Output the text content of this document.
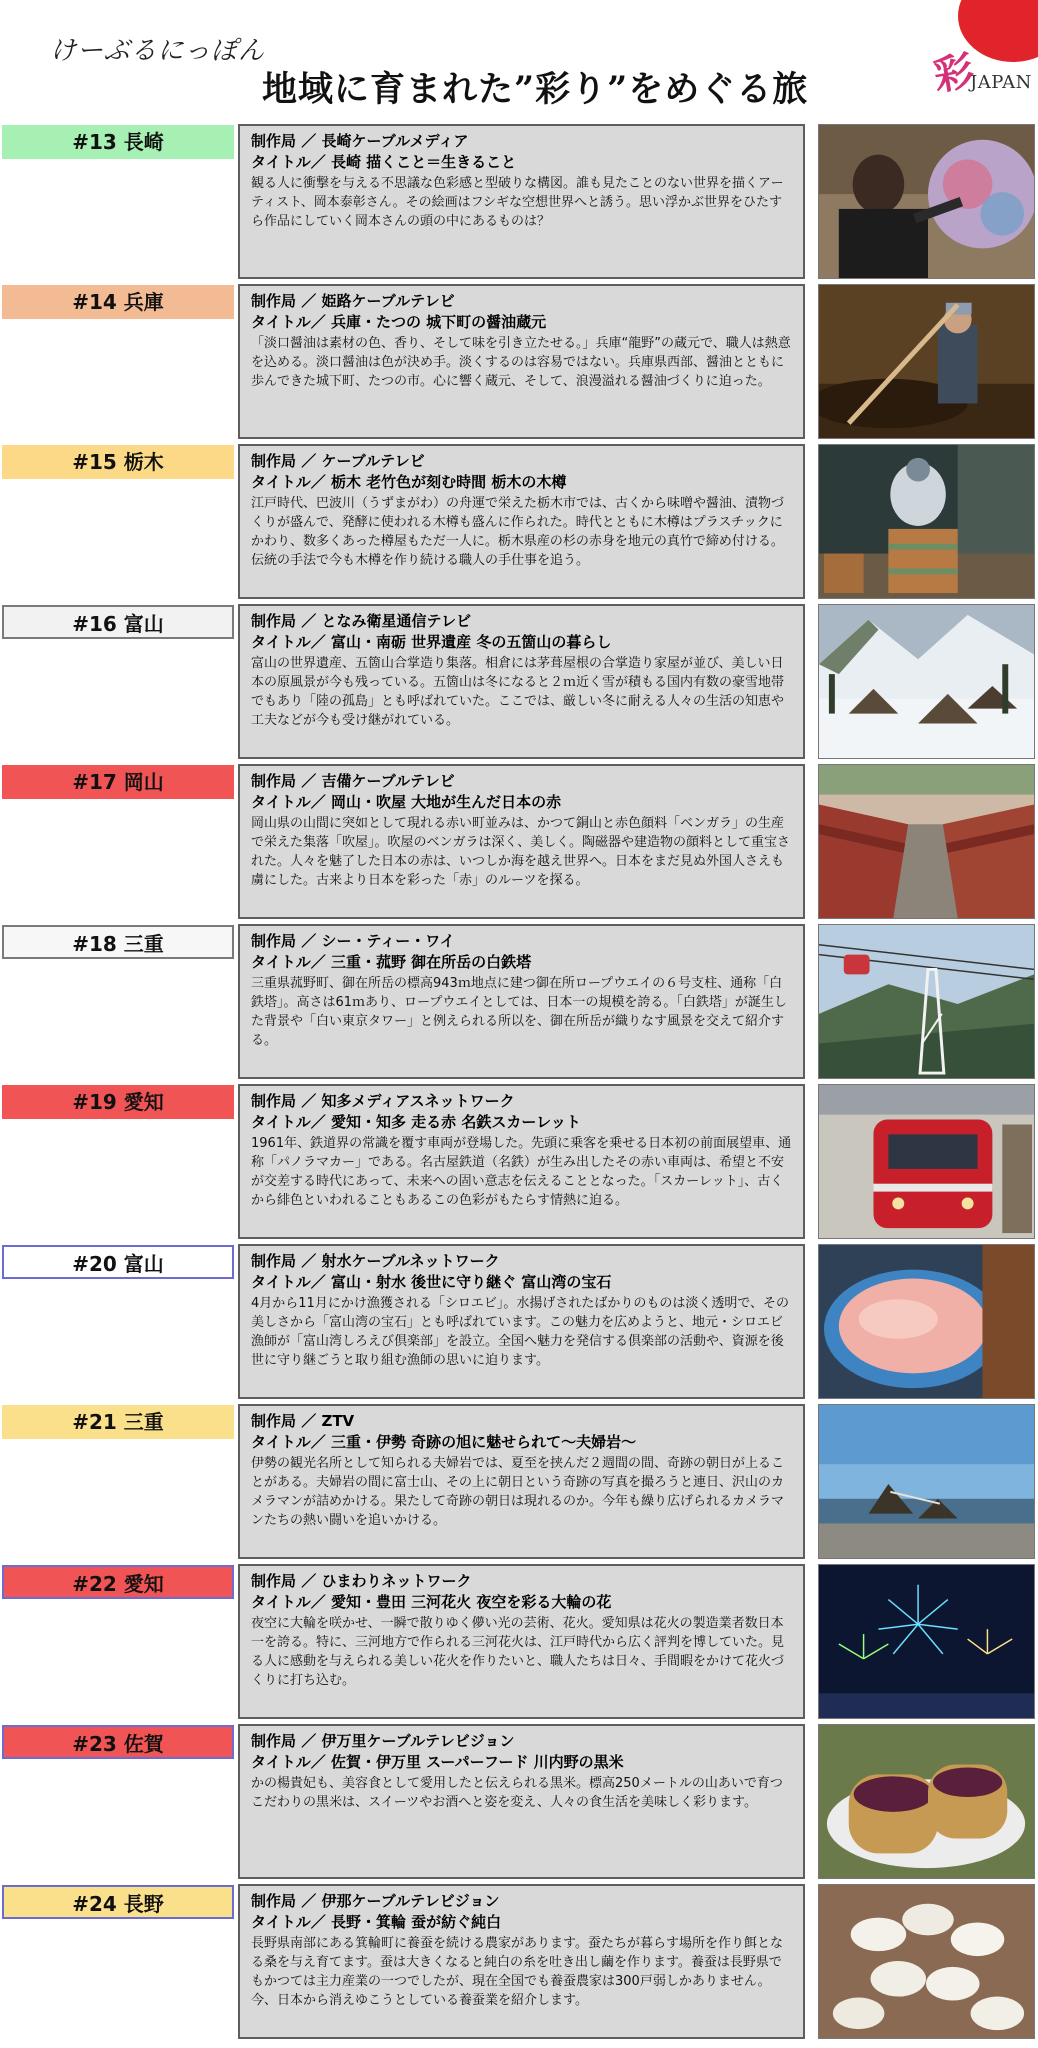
けーぶるにっぽん
地域に育まれた”彩り”をめぐる旅	彩
JAPAN
#13 長崎	制作局 ／ 長崎ケーブルメディア
タイトル／ 長崎 描くこと＝生きること
観る人に衝撃を与える不思議な色彩感と型破りな構図。誰も見たことのない世界を描くアーティスト、岡本泰彰さん。その絵画はフシギな空想世界へと誘う。思い浮かぶ世界をひたすら作品にしていく岡本さんの頭の中にあるものは？
#14 兵庫	制作局 ／ 姫路ケーブルテレビ
タイトル／ 兵庫・たつの 城下町の醤油蔵元
「淡口醤油は素材の色、香り、そして味を引き立たせる。」兵庫“龍野”の蔵元で、職人は熱意を込める。淡口醤油は色が決め手。淡くするのは容易ではない。兵庫県西部、醤油とともに歩んできた城下町、たつの市。心に響く蔵元、そして、浪漫溢れる醤油づくりに迫った。
#15 栃木	制作局 ／ ケーブルテレビ
タイトル／ 栃木 老竹色が刻む時間 栃木の木樽
江戸時代、巴波川（うずまがわ）の舟運で栄えた栃木市では、古くから味噌や醤油、漬物づくりが盛んで、発酵に使われる木樽も盛んに作られた。時代とともに木樽はプラスチックにかわり、数多くあった樽屋もただ一人に。栃木県産の杉の赤身を地元の真竹で締め付ける。伝統の手法で今も木樽を作り続ける職人の手仕事を追う。
#16 富山	制作局 ／ となみ衛星通信テレビ
タイトル／ 富山・南砺 世界遺産 冬の五箇山の暮らし
富山の世界遺産、五箇山合掌造り集落。相倉には茅葺屋根の合掌造り家屋が並び、美しい日本の原風景が今も残っている。五箇山は冬になると２ｍ近く雪が積もる国内有数の豪雪地帯でもあり「陸の孤島」とも呼ばれていた。ここでは、厳しい冬に耐える人々の生活の知恵や工夫などが今も受け継がれている。
#17 岡山	制作局 ／ 吉備ケーブルテレビ
タイトル／ 岡山・吹屋 大地が生んだ日本の赤
岡山県の山間に突如として現れる赤い町並みは、かつて銅山と赤色顔料「ベンガラ」の生産で栄えた集落「吹屋」。吹屋のベンガラは深く、美しく。陶磁器や建造物の顔料として重宝された。人々を魅了した日本の赤は、いつしか海を越え世界へ。日本をまだ見ぬ外国人さえも虜にした。古来より日本を彩った「赤」のルーツを探る。
#18 三重	制作局 ／ シー・ティー・ワイ
タイトル／ 三重・菰野 御在所岳の白鉄塔
三重県菰野町、御在所岳の標高943ｍ地点に建つ御在所ロープウエイの６号支柱、通称「白鉄塔」。高さは61ｍあり、ロープウエイとしては、日本一の規模を誇る。「白鉄塔」が誕生した背景や「白い東京タワー」と例えられる所以を、御在所岳が織りなす風景を交えて紹介する。
#19 愛知	制作局 ／ 知多メディアスネットワーク
タイトル／ 愛知・知多 走る赤 名鉄スカーレット
1961年、鉄道界の常識を覆す車両が登場した。先頭に乗客を乗せる日本初の前面展望車、通称「パノラマカー」である。名古屋鉄道（名鉄）が生み出したその赤い車両は、希望と不安が交差する時代にあって、未来への固い意志を伝えることとなった。「スカーレット」、古くから緋色といわれることもあるこの色彩がもたらす情熱に迫る。
#20 富山	制作局 ／ 射水ケーブルネットワーク
タイトル／ 富山・射水 後世に守り継ぐ 富山湾の宝石
4月から11月にかけ漁獲される「シロエビ」。水揚げされたばかりのものは淡く透明で、その美しさから「富山湾の宝石」とも呼ばれています。この魅力を広めようと、地元・シロエビ漁師が「富山湾しろえび倶楽部」を設立。全国へ魅力を発信する倶楽部の活動や、資源を後世に守り継ごうと取り組む漁師の思いに迫ります。
#21 三重	制作局 ／ ZTV
タイトル／ 三重・伊勢 奇跡の旭に魅せられて～夫婦岩～
伊勢の観光名所として知られる夫婦岩では、夏至を挟んだ２週間の間、奇跡の朝日が上ることがある。夫婦岩の間に富士山、その上に朝日という奇跡の写真を撮ろうと連日、沢山のカメラマンが詰めかける。果たして奇跡の朝日は現れるのか。今年も繰り広げられるカメラマンたちの熱い闘いを追いかける。
#22 愛知	制作局 ／ ひまわりネットワーク
タイトル／ 愛知・豊田 三河花火 夜空を彩る大輪の花
夜空に大輪を咲かせ、一瞬で散りゆく儚い光の芸術、花火。愛知県は花火の製造業者数日本一を誇る。特に、三河地方で作られる三河花火は、江戸時代から広く評判を博していた。見る人に感動を与えられる美しい花火を作りたいと、職人たちは日々、手間暇をかけて花火づくりに打ち込む。
#23 佐賀	制作局 ／ 伊万里ケーブルテレビジョン
タイトル／ 佐賀・伊万里 スーパーフード 川内野の黒米
かの楊貴妃も、美容食として愛用したと伝えられる黒米。標高250メートルの山あいで育つこだわりの黒米は、スイーツやお酒へと姿を変え、人々の食生活を美味しく彩ります。
#24 長野	制作局 ／ 伊那ケーブルテレビジョン
タイトル／ 長野・箕輪 蚕が紡ぐ純白
長野県南部にある箕輪町に養蚕を続ける農家があります。蚕たちが暮らす場所を作り餌となる桑を与え育てます。蚕は大きくなると純白の糸を吐き出し繭を作ります。養蚕は長野県でもかつては主力産業の一つでしたが、現在全国でも養蚕農家は300戸弱しかありません。今、日本から消えゆこうとしている養蚕業を紹介します。
